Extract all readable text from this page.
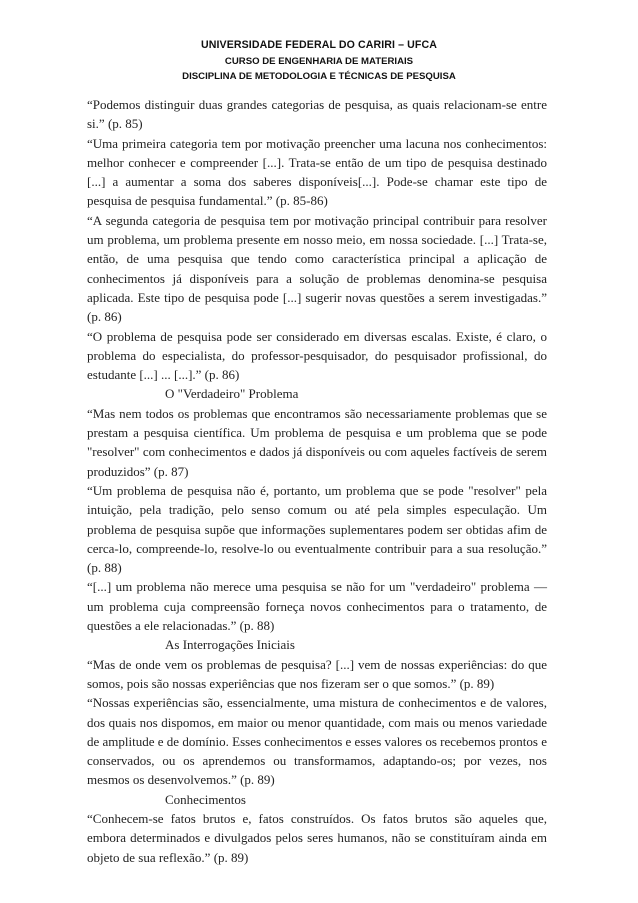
UNIVERSIDADE FEDERAL DO CARIRI – UFCA
CURSO DE ENGENHARIA DE MATERIAIS
DISCIPLINA DE METODOLOGIA E TÉCNICAS DE PESQUISA

“Podemos distinguir duas grandes categorias de pesquisa, as quais relacionam-se entre si.” (p. 85)

“Uma primeira categoria tem por motivação preencher uma lacuna nos conhecimentos: melhor conhecer e compreender [...]. Trata-se então de um tipo de pesquisa destinado [...] a aumentar a soma dos saberes disponíveis[...]. Pode-se chamar este tipo de pesquisa de pesquisa fundamental.” (p. 85-86)

“A segunda categoria de pesquisa tem por motivação principal contribuir para resolver um problema, um problema presente em nosso meio, em nossa sociedade. [...] Trata-se, então, de uma pesquisa que tendo como característica principal a aplicação de conhecimentos já disponíveis para a solução de problemas denomina-se pesquisa aplicada. Este tipo de pesquisa pode [...] sugerir novas questões a serem investigadas.” (p. 86)

“O problema de pesquisa pode ser considerado em diversas escalas. Existe, é claro, o problema do especialista, do professor-pesquisador, do pesquisador profissional, do estudante [...] ... [...].” (p. 86)

O "Verdadeiro" Problema

“Mas nem todos os problemas que encontramos são necessariamente problemas que se prestam a pesquisa científica. Um problema de pesquisa e um problema que se pode "resolver" com conhecimentos e dados já disponíveis ou com aqueles factíveis de serem produzidos” (p. 87)

“Um problema de pesquisa não é, portanto, um problema que se pode "resolver" pela intuição, pela tradição, pelo senso comum ou até pela simples especulação. Um problema de pesquisa supõe que informações suplementares podem ser obtidas afim de cerca-lo, compreende-lo, resolve-lo ou eventualmente contribuir para a sua resolução.” (p. 88)

“[...] um problema não merece uma pesquisa se não for um "verdadeiro" problema — um problema cuja compreensão forneça novos conhecimentos para o tratamento, de questões a ele relacionadas.” (p. 88)

As Interrogações Iniciais

“Mas de onde vem os problemas de pesquisa? [...] vem de nossas experiências: do que somos, pois são nossas experiências que nos fizeram ser o que somos.” (p. 89)

“Nossas experiências são, essencialmente, uma mistura de conhecimentos e de valores, dos quais nos dispomos, em maior ou menor quantidade, com mais ou menos variedade de amplitude e de domínio. Esses conhecimentos e esses valores os recebemos prontos e conservados, ou os aprendemos ou transformamos, adaptando-os; por vezes, nos mesmos os desenvolvemos.” (p. 89)

Conhecimentos

“Conhecem-se fatos brutos e, fatos construídos. Os fatos brutos são aqueles que, embora determinados e divulgados pelos seres humanos, não se constituíram ainda em objeto de sua reflexão.” (p. 89)
